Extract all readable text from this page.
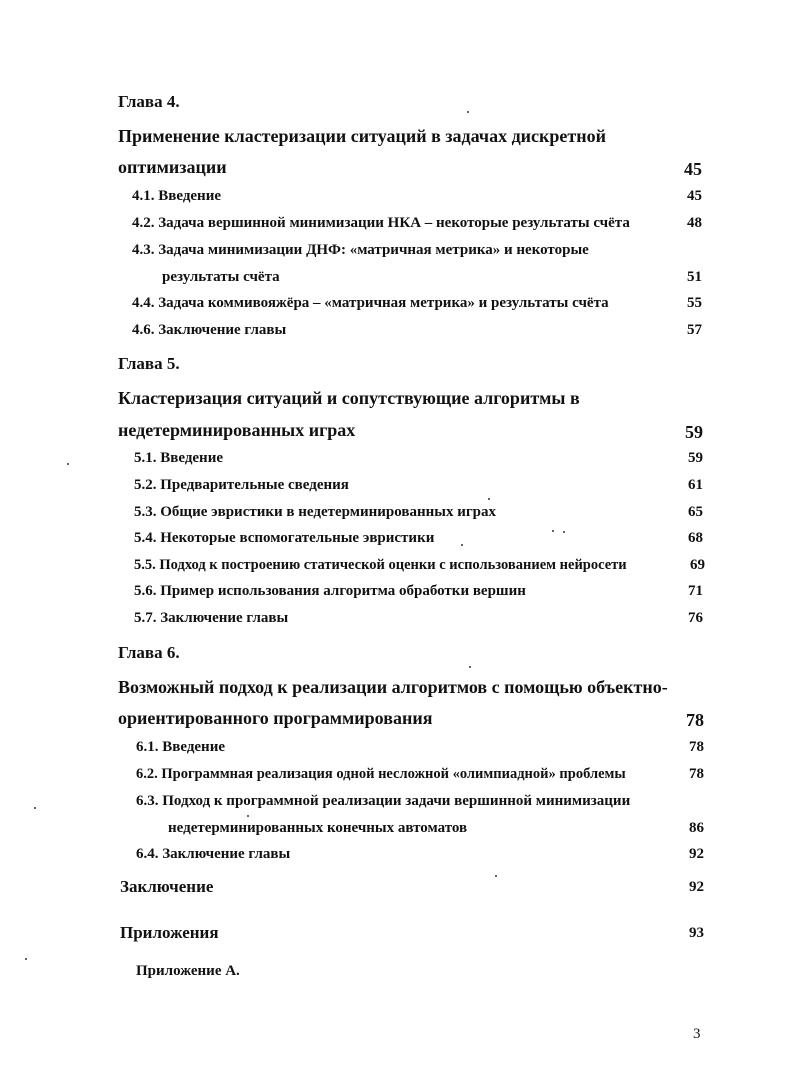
Глава 4.
Применение кластеризации ситуаций в задачах дискретной
оптимизации	45
4.1. Введение	45
4.2. Задача вершинной минимизации НКА – некоторые результаты счёта	48
4.3. Задача минимизации ДНФ: «матричная метрика» и некоторые
результаты счёта	51
4.4. Задача коммивояжёра – «матричная метрика» и результаты счёта	55
4.6. Заключение главы	57
Глава 5.
Кластеризация ситуаций и сопутствующие алгоритмы в
недетерминированных играх	59
5.1. Введение	59
5.2. Предварительные сведения	61
5.3. Общие эвристики в недетерминированных играх	65
5.4. Некоторые вспомогательные эвристики	68
5.5. Подход к построению статической оценки с использованием нейросети	69
5.6. Пример использования алгоритма обработки вершин	71
5.7. Заключение главы	76
Глава 6.
Возможный подход к реализации алгоритмов с помощью объектно-
ориентированного программирования	78
6.1. Введение	78
6.2. Программная реализация одной несложной «олимпиадной» проблемы	78
6.3. Подход к программной реализации задачи вершинной минимизации
недетерминированных конечных автоматов	86
6.4. Заключение главы	92
Заключение	92
Приложения	93
Приложение А.
3
